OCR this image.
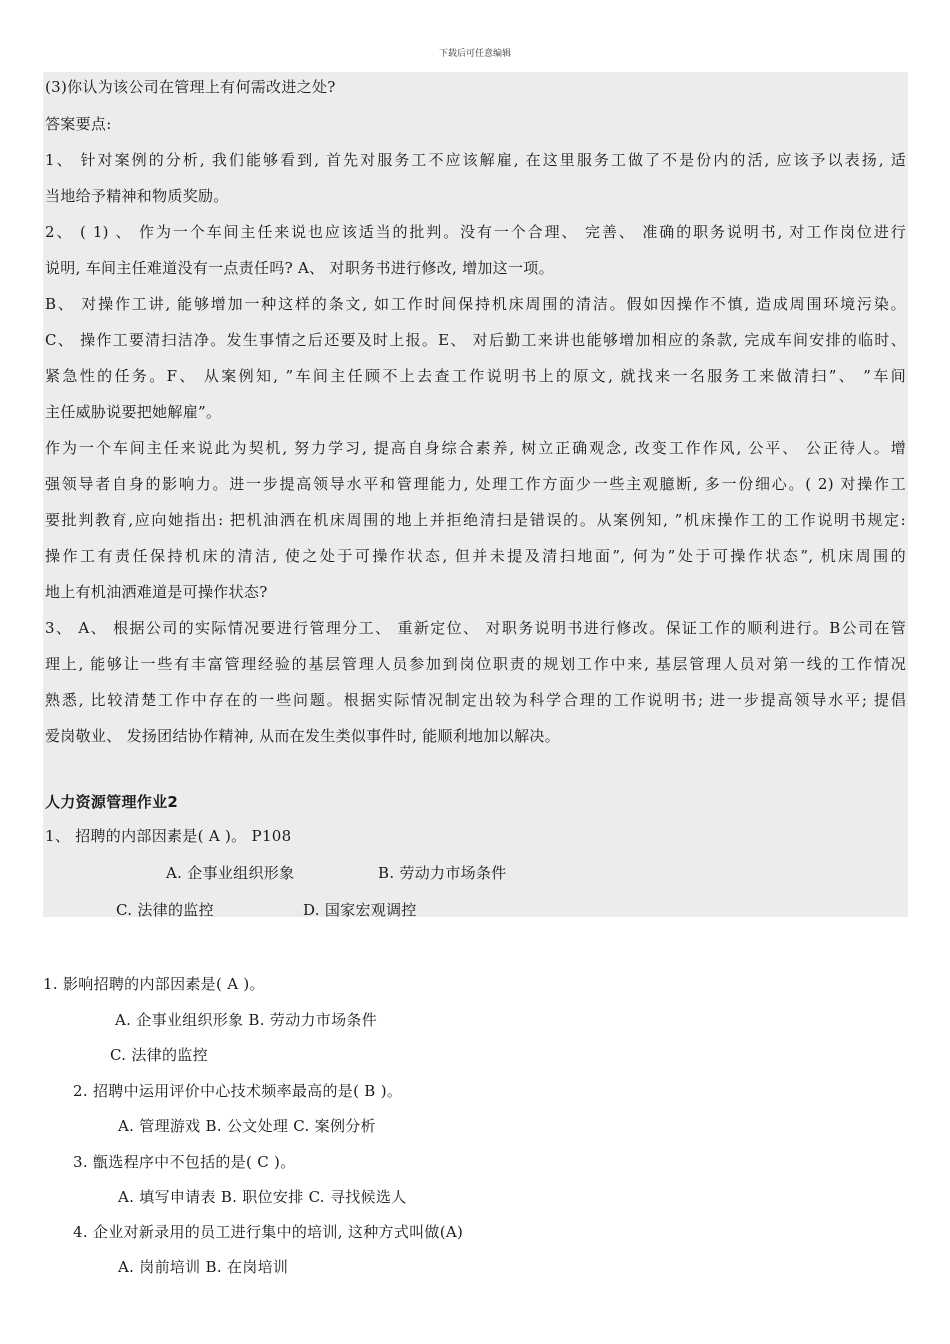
下载后可任意编辑

(3)你认为该公司在管理上有何需改进之处?

答案要点:

1、 针对案例的分析, 我们能够看到, 首先对服务工不应该解雇, 在这里服务工做了不是份内的活, 应该予以表扬, 适

当地给予精神和物质奖励。

2、 ( 1) 、 作为一个车间主任来说也应该适当的批判。没有一个合理、 完善、 准确的职务说明书, 对工作岗位进行

说明, 车间主任难道没有一点责任吗? A、 对职务书进行修改, 增加这一项。

B、 对操作工讲, 能够增加一种这样的条文, 如工作时间保持机床周围的清洁。假如因操作不慎, 造成周围环境污染。

C、 操作工要清扫洁净。发生事情之后还要及时上报。E、 对后勤工来讲也能够增加相应的条款, 完成车间安排的临时、

紧急性的任务。F、 从案例知, ”车间主任顾不上去查工作说明书上的原文, 就找来一名服务工来做清扫”、 ”车间

主任威胁说要把她解雇”。

作为一个车间主任来说此为契机, 努力学习, 提高自身综合素养, 树立正确观念, 改变工作作风, 公平、 公正待人。增

强领导者自身的影响力。进一步提高领导水平和管理能力, 处理工作方面少一些主观臆断, 多一份细心。( 2) 对操作工

要批判教育,应向她指出: 把机油洒在机床周围的地上并拒绝清扫是错误的。从案例知, ”机床操作工的工作说明书规定:

操作工有责任保持机床的清洁, 使之处于可操作状态, 但并未提及清扫地面”, 何为”处于可操作状态”, 机床周围的

地上有机油洒难道是可操作状态?

3、 A、 根据公司的实际情况要进行管理分工、 重新定位、 对职务说明书进行修改。保证工作的顺利进行。B公司在管

理上, 能够让一些有丰富管理经验的基层管理人员参加到岗位职责的规划工作中来, 基层管理人员对第一线的工作情况

熟悉, 比较清楚工作中存在的一些问题。根据实际情况制定出较为科学合理的工作说明书; 进一步提高领导水平; 提倡

爱岗敬业、 发扬团结协作精神, 从而在发生类似事件时, 能顺利地加以解决。

人力资源管理作业2

1、 招聘的内部因素是( A )。 P108

A. 企事业组织形象	B. 劳动力市场条件

C. 法律的监控	D. 国家宏观调控

1. 影响招聘的内部因素是( A )。

A. 企事业组织形象 B. 劳动力市场条件

C. 法律的监控

2. 招聘中运用评价中心技术频率最高的是( B )。

A. 管理游戏 B. 公文处理 C. 案例分析

3. 甑选程序中不包括的是( C )。

A. 填写申请表 B. 职位安排 C. 寻找候选人

4. 企业对新录用的员工进行集中的培训, 这种方式叫做(A)

A. 岗前培训 B. 在岗培训
